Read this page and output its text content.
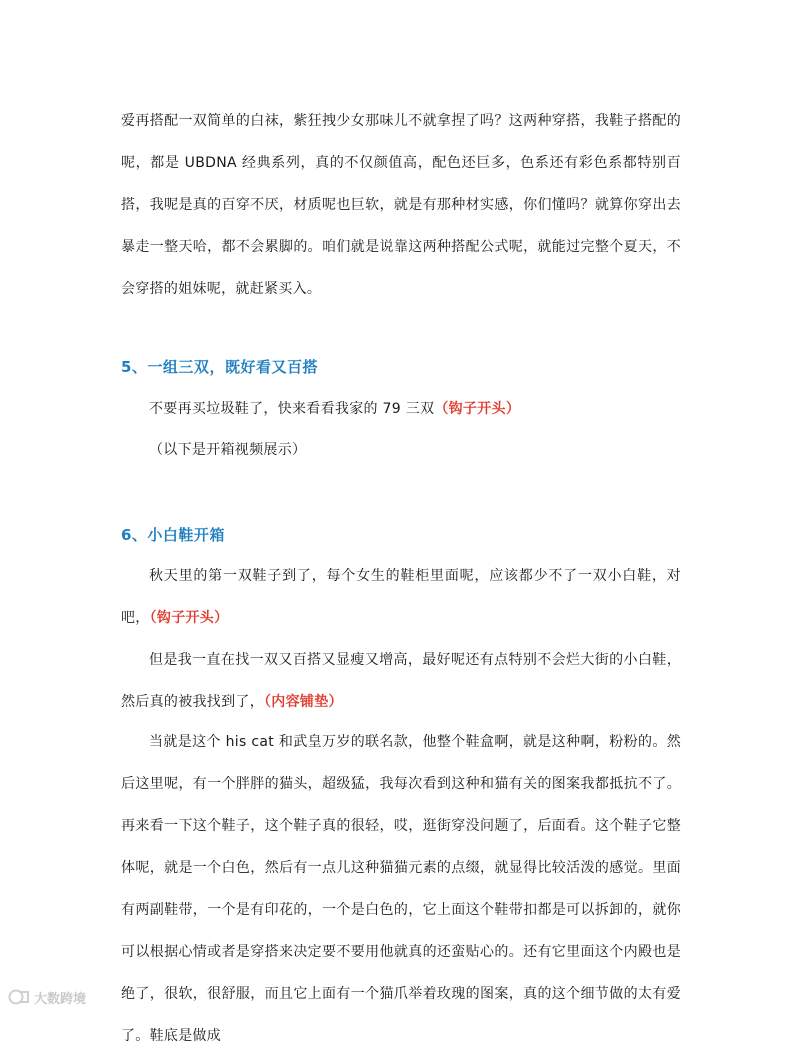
爱再搭配一双简单的白袜，紫狂拽少女那味儿不就拿捏了吗？这两种穿搭，我鞋子搭配的呢，都是 UBDNA 经典系列，真的不仅颜值高，配色还巨多，色系还有彩色系都特别百搭，我呢是真的百穿不厌，材质呢也巨软，就是有那种材实感，你们懂吗？就算你穿出去暴走一整天哈，都不会累脚的。咱们就是说靠这两种搭配公式呢，就能过完整个夏天，不会穿搭的姐妹呢，就赶紧买入。

5、一组三双，既好看又百搭

不要再买垃圾鞋了，快来看看我家的 79 三双（钩子开头）

（以下是开箱视频展示）

6、小白鞋开箱

秋天里的第一双鞋子到了，每个女生的鞋柜里面呢，应该都少不了一双小白鞋，对吧，（钩子开头）

但是我一直在找一双又百搭又显瘦又增高，最好呢还有点特别不会烂大街的小白鞋，然后真的被我找到了，（内容铺垫）

当就是这个 his cat 和武皇万岁的联名款，他整个鞋盒啊，就是这种啊，粉粉的。然后这里呢，有一个胖胖的猫头，超级猛，我每次看到这种和猫有关的图案我都抵抗不了。再来看一下这个鞋子，这个鞋子真的很轻，哎，逛街穿没问题了，后面看。这个鞋子它整体呢，就是一个白色，然后有一点儿这种猫猫元素的点缀，就显得比较活泼的感觉。里面有两副鞋带，一个是有印花的，一个是白色的，它上面这个鞋带扣都是可以拆卸的，就你可以根据心情或者是穿搭来决定要不要用他就真的还蛮贴心的。还有它里面这个内殿也是绝了，很软，很舒服，而且它上面有一个猫爪举着玫瑰的图案，真的这个细节做的太有爱了。鞋底是做成

大数跨境
